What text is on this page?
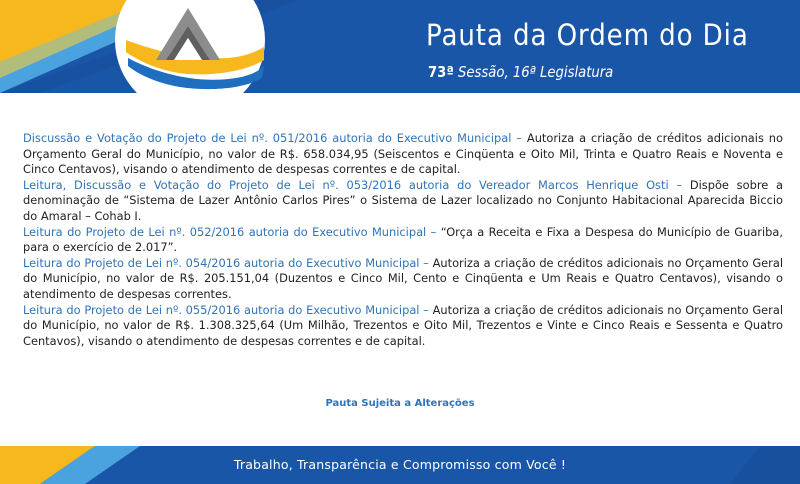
Pauta da Ordem do Dia

73ª Sessão, 16ª Legislatura

Discussão e Votação do Projeto de Lei nº. 051/2016 autoria do Executivo Municipal – Autoriza a criação de créditos adicionais no Orçamento Geral do Município, no valor de R$. 658.034,95 (Seiscentos e Cinqüenta e Oito Mil, Trinta e Quatro Reais e Noventa e Cinco Centavos), visando o atendimento de despesas correntes e de capital.

Leitura, Discussão e Votação do Projeto de Lei nº. 053/2016 autoria do Vereador Marcos Henrique Osti – Dispõe sobre a denominação de “Sistema de Lazer Antônio Carlos Pires” o Sistema de Lazer localizado no Conjunto Habitacional Aparecida Biccio do Amaral – Cohab I.

Leitura do Projeto de Lei nº. 052/2016 autoria do Executivo Municipal – “Orça a Receita e Fixa a Despesa do Município de Guariba, para o exercício de 2.017”.

Leitura do Projeto de Lei nº. 054/2016 autoria do Executivo Municipal – Autoriza a criação de créditos adicionais no Orçamento Geral do Município, no valor de R$. 205.151,04 (Duzentos e Cinco Mil, Cento e Cinqüenta e Um Reais e Quatro Centavos), visando o atendimento de despesas correntes.

Leitura do Projeto de Lei nº. 055/2016 autoria do Executivo Municipal – Autoriza a criação de créditos adicionais no Orçamento Geral do Município, no valor de R$. 1.308.325,64 (Um Milhão, Trezentos e Oito Mil, Trezentos e Vinte e Cinco Reais e Sessenta e Quatro Centavos), visando o atendimento de despesas correntes e de capital.

Pauta Sujeita a Alterações
Trabalho, Transparência e Compromisso com Você !
